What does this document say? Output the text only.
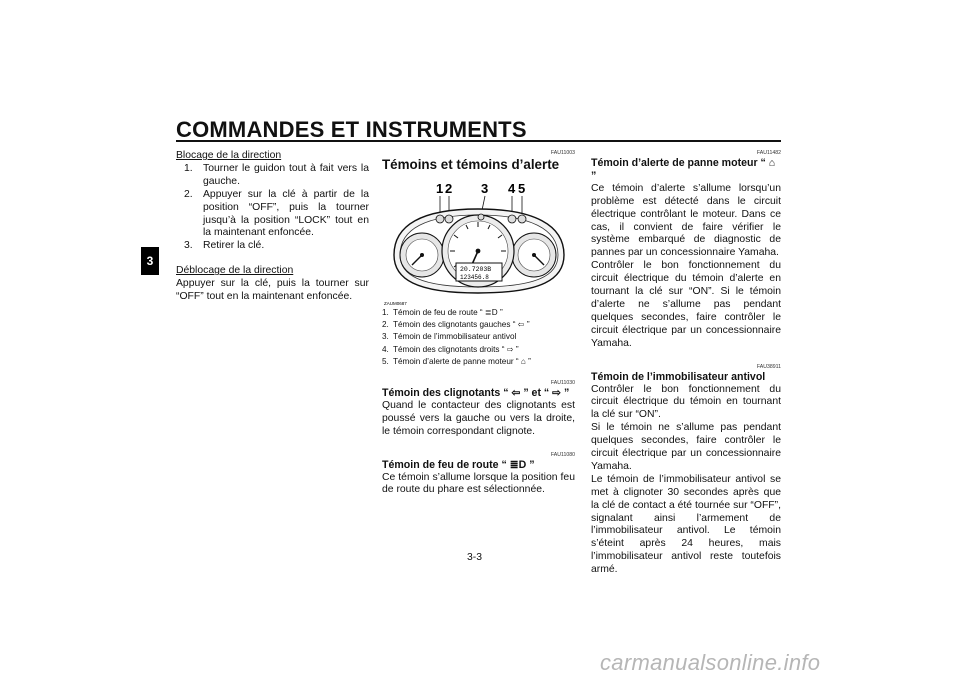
COMMANDES ET INSTRUMENTS
3
Blocage de la direction
1. Tourner le guidon tout à fait vers la gauche.
2. Appuyer sur la clé à partir de la position “OFF”, puis la tourner jusqu’à la position “LOCK” tout en la maintenant enfoncée.
3. Retirer la clé.
Déblocage de la direction

Appuyer sur la clé, puis la tourner sur “OFF” tout en la maintenant enfoncée.

FAU11003
Témoins et témoins d’alerte
1 2 3 4 5
20.7203B
123456.8
ZAUM0687
1. Témoin de feu de route “ ≣D ”
2. Témoin des clignotants gauches “ ⇦ ”
3. Témoin de l’immobilisateur antivol
4. Témoin des clignotants droits “ ⇨ ”
5. Témoin d’alerte de panne moteur “ ⌂ ”
FAU11030
Témoin des clignotants “ ⇦ ” et “ ⇨ ”

Quand le contacteur des clignotants est poussé vers la gauche ou vers la droite, le témoin correspondant clignote.

FAU11080
Témoin de feu de route “ ≣D ”

Ce témoin s’allume lorsque la position feu de route du phare est sélectionnée.

FAU11482
Témoin d’alerte de panne moteur “ ⌂ ”

Ce témoin d’alerte s’allume lorsqu’un problème est détecté dans le circuit électrique contrôlant le moteur. Dans ce cas, il convient de faire vérifier le système embarqué de diagnostic de pannes par un concessionnaire Yamaha.

Contrôler le bon fonctionnement du circuit électrique du témoin d’alerte en tournant la clé sur “ON”. Si le témoin d’alerte ne s’allume pas pendant quelques secondes, faire contrôler le circuit électrique par un concessionnaire Yamaha.

FAU38911
Témoin de l’immobilisateur antivol

Contrôler le bon fonctionnement du circuit électrique du témoin en tournant la clé sur “ON”.

Si le témoin ne s’allume pas pendant quelques secondes, faire contrôler le circuit électrique par un concessionnaire Yamaha.

Le témoin de l’immobilisateur antivol se met à clignoter 30 secondes après que la clé de contact a été tournée sur “OFF”, signalant ainsi l’armement de l’immobilisateur antivol. Le témoin s’éteint après 24 heures, mais l’immobilisateur antivol reste toutefois armé.

3-3
carmanualsonline.info
